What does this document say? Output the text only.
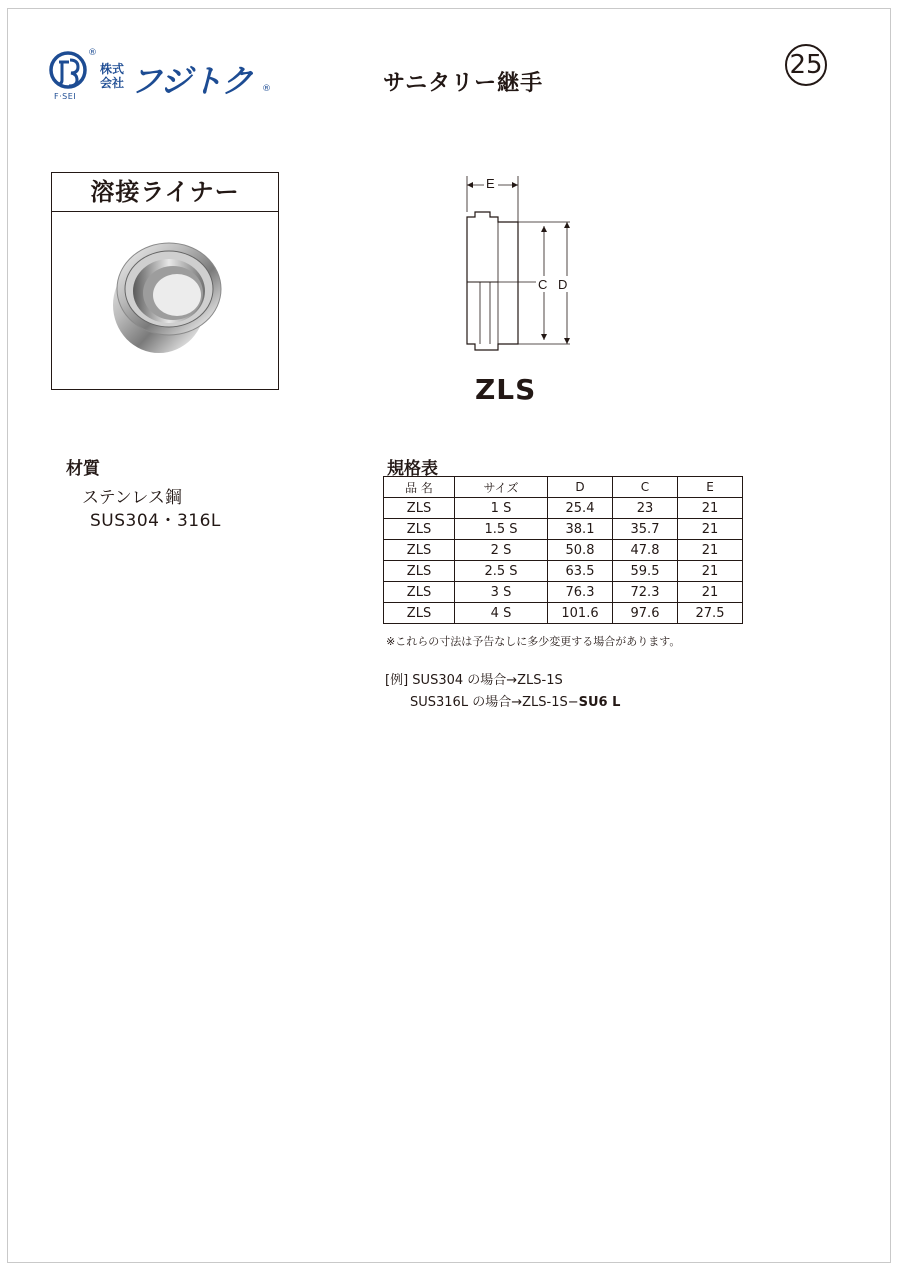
®
F·SEI
株式会社 フジトク ®	サニタリー継手
25
溶接ライナー	E
C D
ZLS
材質
ステンレス鋼
SUS304・316L
規格表
品 名	サイズ	D	C	E
ZLS	1 S	25.4	23	21
ZLS	1.5 S	38.1	35.7	21
ZLS	2 S	50.8	47.8	21
ZLS	2.5 S	63.5	59.5	21
ZLS	3 S	76.3	72.3	21
ZLS	4 S	101.6	97.6	27.5
※これらの寸法は予告なしに多少変更する場合があります。
[例] SUS304 の場合→ZLS-1S
SUS316L の場合→ZLS-1S−SU6 L
